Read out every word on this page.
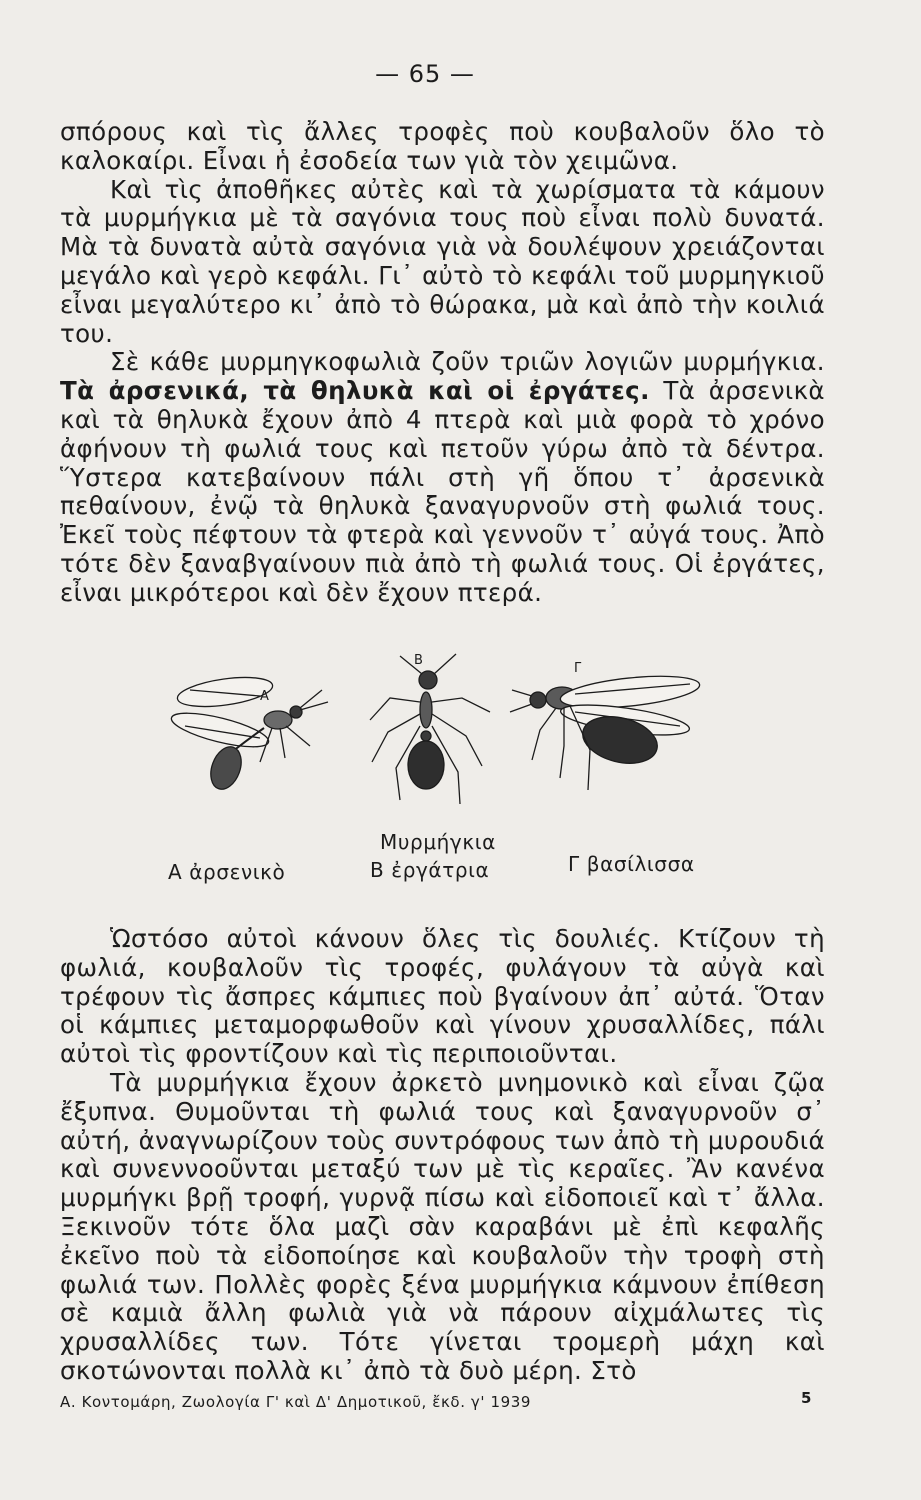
— 65 —

σπόρους καὶ τὶς ἄλλες τροφὲς ποὺ κουβαλοῦν ὅλο τὸ καλοκαίρι. Εἶναι ἡ ἐσοδεία των γιὰ τὸν χειμῶνα.

Καὶ τὶς ἀποθῆκες αὐτὲς καὶ τὰ χωρίσματα τὰ κάμουν τὰ μυρμήγκια μὲ τὰ σαγόνια τους ποὺ εἶναι πολὺ δυνατά. Μὰ τὰ δυνατὰ αὐτὰ σαγόνια γιὰ νὰ δουλέψουν χρειάζονται μεγάλο καὶ γερὸ κεφάλι. Γι᾿ αὐτὸ τὸ κεφάλι τοῦ μυρμηγκιοῦ εἶναι μεγαλύτερο κι᾿ ἀπὸ τὸ θώρακα, μὰ καὶ ἀπὸ τὴν κοιλιά του.

Σὲ κάθε μυρμηγκοφωλιὰ ζοῦν τριῶν λογιῶν μυρμήγκια. Τὰ ἀρσενικά, τὰ θηλυκὰ καὶ οἱ ἐργάτες. Τὰ ἀρσενικὰ καὶ τὰ θηλυκὰ ἔχουν ἀπὸ 4 πτερὰ καὶ μιὰ φορὰ τὸ χρόνο ἀφήνουν τὴ φωλιά τους καὶ πετοῦν γύρω ἀπὸ τὰ δέντρα. Ὕστερα κατεβαίνουν πάλι στὴ γῆ ὅπου τ᾿ ἀρσενικὰ πεθαίνουν, ἐνῷ τὰ θηλυκὰ ξαναγυρνοῦν στὴ φωλιά τους. Ἐκεῖ τοὺς πέφτουν τὰ φτερὰ καὶ γεννοῦν τ᾿ αὐγά τους. Ἀπὸ τότε δὲν ξαναβγαίνουν πιὰ ἀπὸ τὴ φωλιά τους. Οἱ ἐργάτες, εἶναι μικρότεροι καὶ δὲν ἔχουν πτερά.

Α
Β
Γ
Μυρμήγκια
Α ἀρσενικὸ	Β ἐργάτρια	Γ βασίλισσα

Ὡστόσο αὐτοὶ κάνουν ὅλες τὶς δουλιές. Κτίζουν τὴ φωλιά, κουβαλοῦν τὶς τροφές, φυλάγουν τὰ αὐγὰ καὶ τρέφουν τὶς ἄσπρες κάμπιες ποὺ βγαίνουν ἀπ᾿ αὐτά. Ὅταν οἱ κάμπιες μεταμορφωθοῦν καὶ γίνουν χρυσαλλίδες, πάλι αὐτοὶ τὶς φροντίζουν καὶ τὶς περιποιοῦνται.

Τὰ μυρμήγκια ἔχουν ἀρκετὸ μνημονικὸ καὶ εἶναι ζῷα ἔξυπνα. Θυμοῦνται τὴ φωλιά τους καὶ ξαναγυρνοῦν σ᾿ αὐτή, ἀναγνωρίζουν τοὺς συντρόφους των ἀπὸ τὴ μυρουδιά καὶ συνεννοοῦνται μεταξύ των μὲ τὶς κεραῖες. Ἂν κανένα μυρμήγκι βρῇ τροφή, γυρνᾷ πίσω καὶ εἰδοποιεῖ καὶ τ᾿ ἄλλα. Ξεκινοῦν τότε ὅλα μαζὶ σὰν καραβάνι μὲ ἐπὶ κεφαλῆς ἐκεῖνο ποὺ τὰ εἰδοποίησε καὶ κουβαλοῦν τὴν τροφὴ στὴ φωλιά των. Πολλὲς φορὲς ξένα μυρμήγκια κάμνουν ἐπίθεση σὲ καμιὰ ἄλλη φωλιὰ γιὰ νὰ πάρουν αἰχμάλωτες τὶς χρυσαλλίδες των. Τότε γίνεται τρομερὴ μάχη καὶ σκοτώνονται πολλὰ κι᾿ ἀπὸ τὰ δυὸ μέρη. Στὸ

Α. Κοντομάρη, Ζωολογία Γ' καὶ Δ' Δημοτικοῦ, ἔκδ. γ' 1939	5
